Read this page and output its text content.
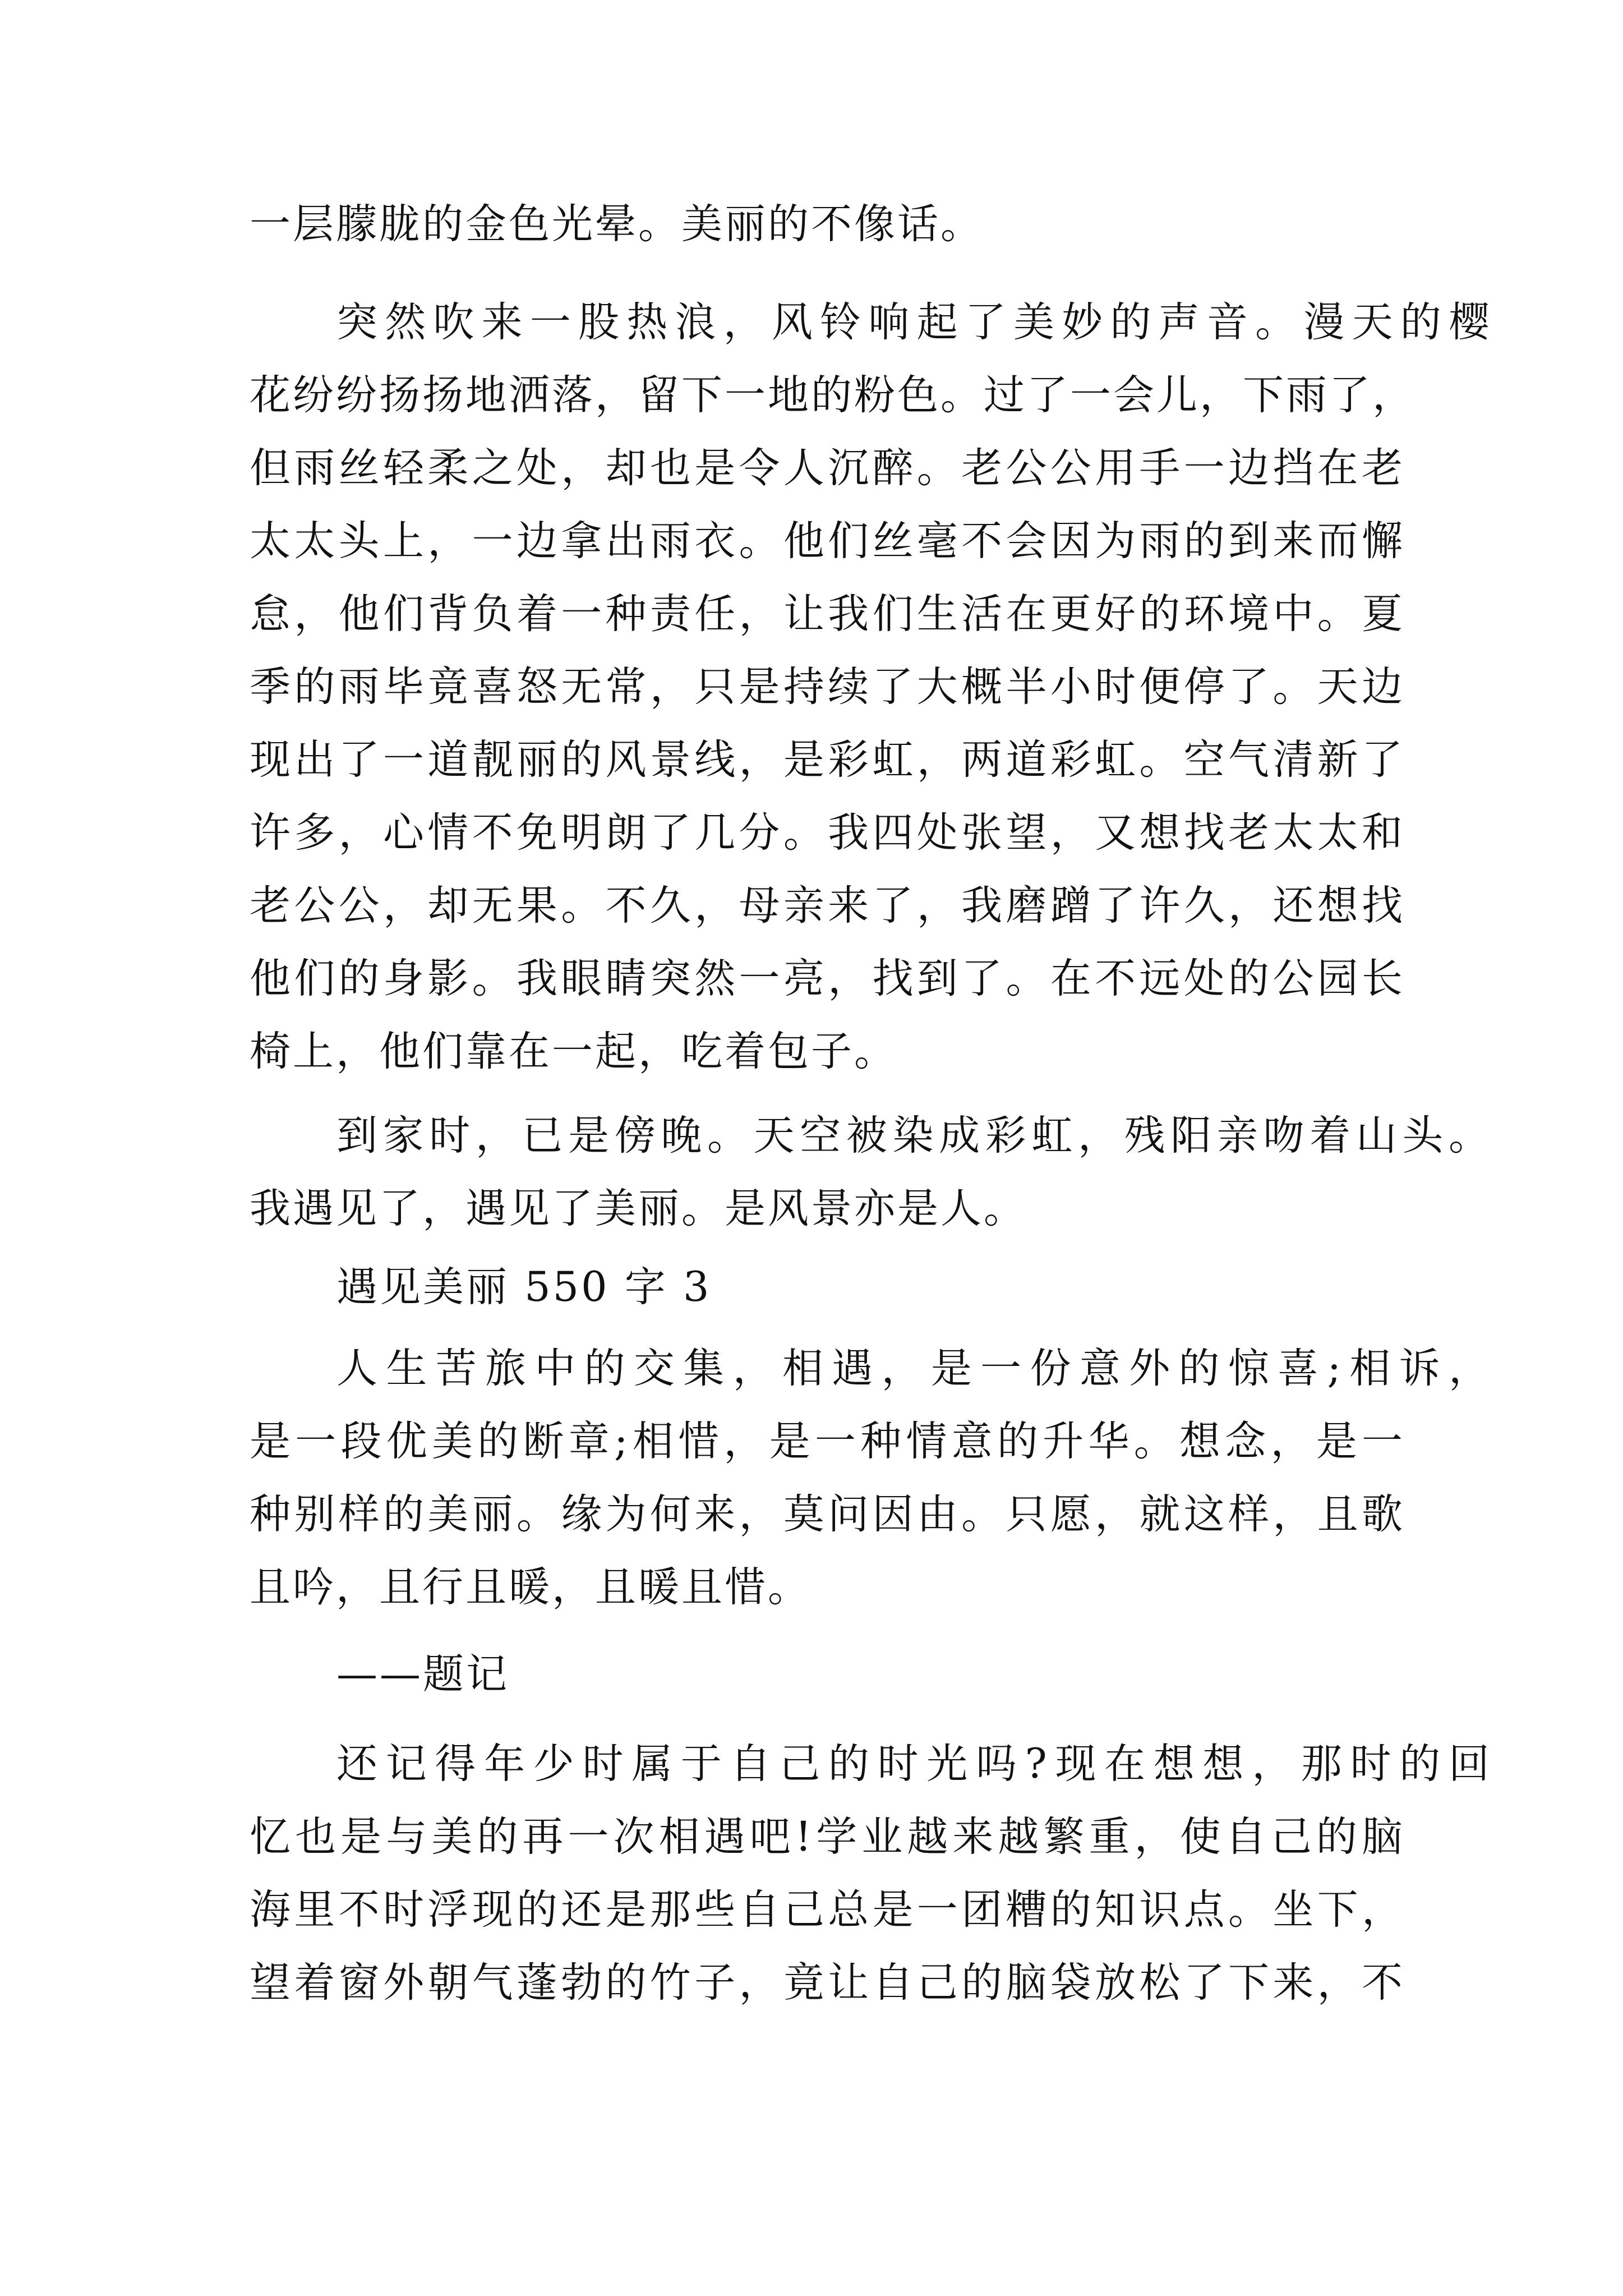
一层朦胧的金色光晕。美丽的不像话。

突然吹来一股热浪，风铃响起了美妙的声音。漫天的樱

花纷纷扬扬地洒落，留下一地的粉色。过了一会儿，下雨了，

但雨丝轻柔之处，却也是令人沉醉。老公公用手一边挡在老

太太头上，一边拿出雨衣。他们丝毫不会因为雨的到来而懈

怠，他们背负着一种责任，让我们生活在更好的环境中。夏

季的雨毕竟喜怒无常，只是持续了大概半小时便停了。天边

现出了一道靓丽的风景线，是彩虹，两道彩虹。空气清新了

许多，心情不免明朗了几分。我四处张望，又想找老太太和

老公公，却无果。不久，母亲来了，我磨蹭了许久，还想找

他们的身影。我眼睛突然一亮，找到了。在不远处的公园长

椅上，他们靠在一起，吃着包子。

到家时，已是傍晚。天空被染成彩虹，残阳亲吻着山头。

我遇见了，遇见了美丽。是风景亦是人。

遇见美丽 550 字 3

人生苦旅中的交集，相遇，是一份意外的惊喜;相诉，

是一段优美的断章;相惜，是一种情意的升华。想念，是一

种别样的美丽。缘为何来，莫问因由。只愿，就这样，且歌

且吟，且行且暖，且暖且惜。

——题记

还记得年少时属于自己的时光吗?现在想想，那时的回

忆也是与美的再一次相遇吧!学业越来越繁重，使自己的脑

海里不时浮现的还是那些自己总是一团糟的知识点。坐下，

望着窗外朝气蓬勃的竹子，竟让自己的脑袋放松了下来，不
